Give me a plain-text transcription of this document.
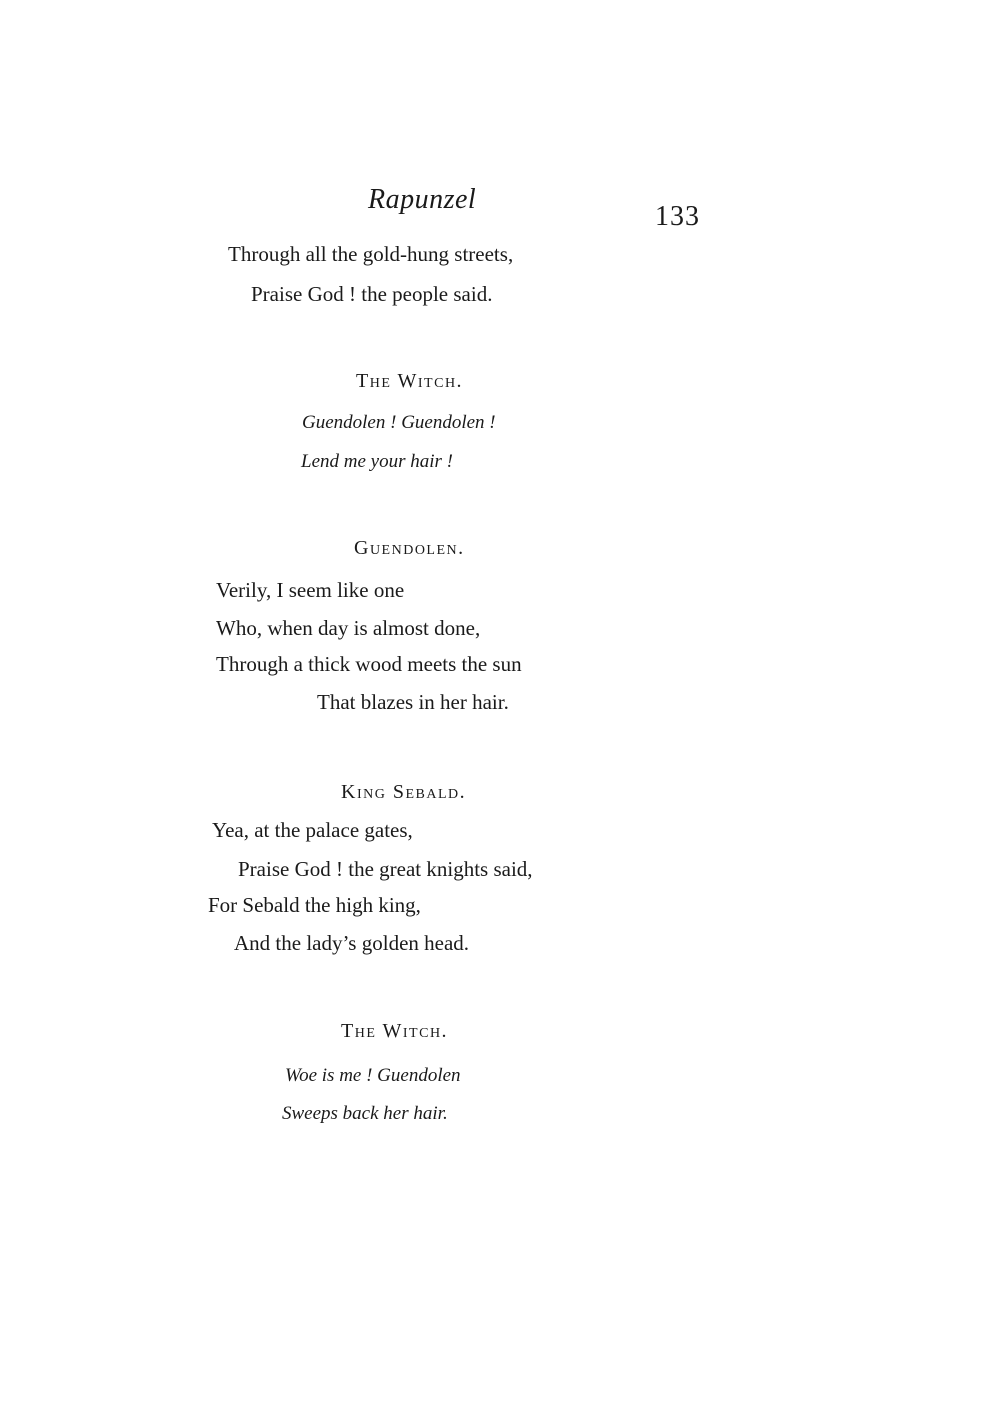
Rapunzel
133
Through all the gold-hung streets,
Praise God ! the people said.
The Witch.
Guendolen ! Guendolen !
Lend me your hair !
Guendolen.
Verily, I seem like one
Who, when day is almost done,
Through a thick wood meets the sun
That blazes in her hair.
King Sebald.
Yea, at the palace gates,
Praise God ! the great knights said,
For Sebald the high king,
And the lady’s golden head.
The Witch.
Woe is me ! Guendolen
Sweeps back her hair.
